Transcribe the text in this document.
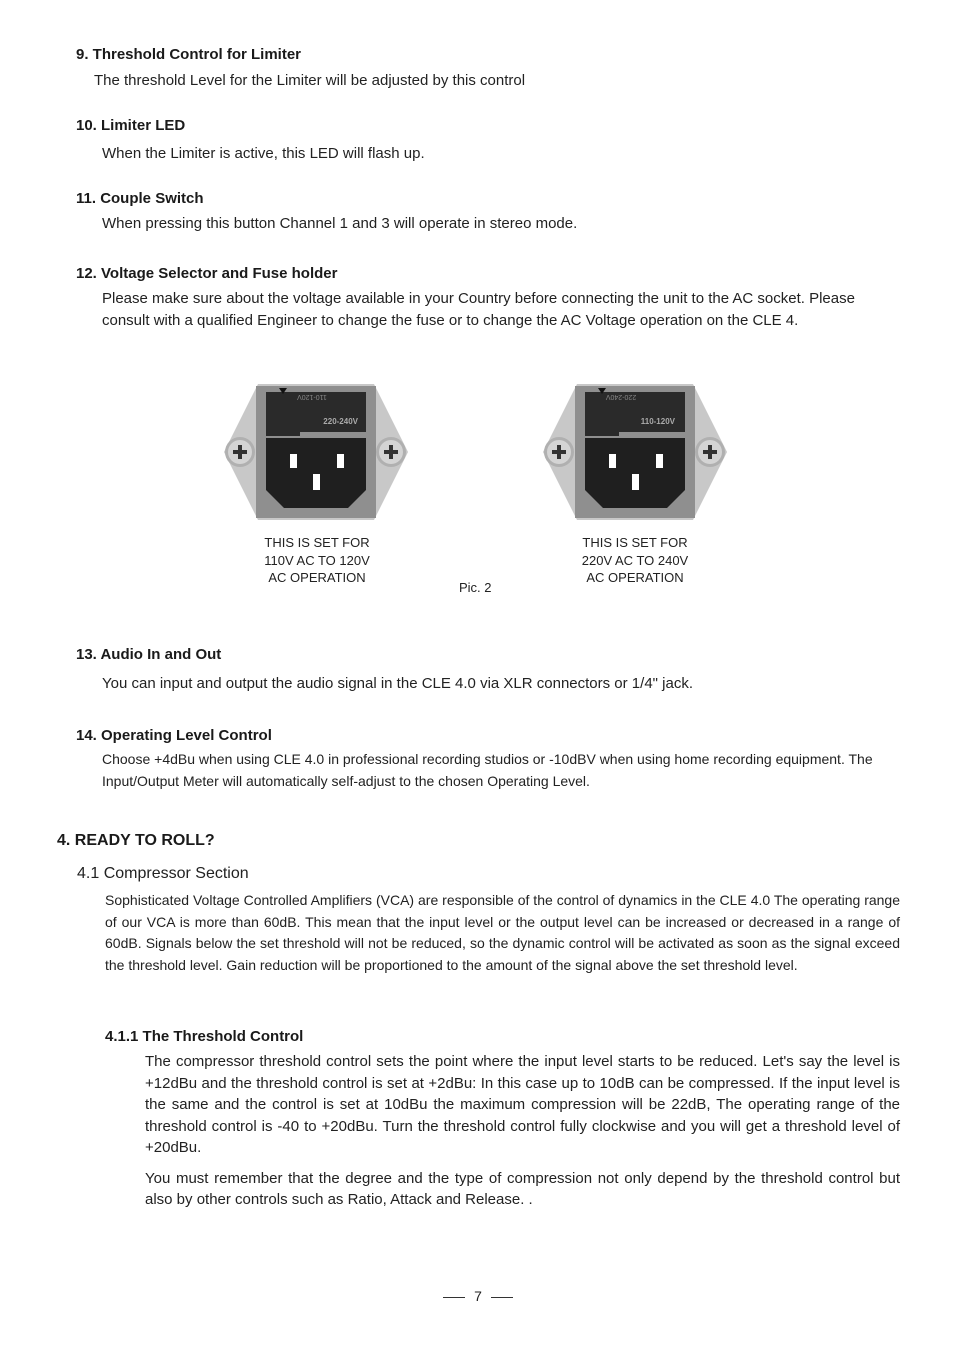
9. Threshold Control for Limiter
The threshold Level for the Limiter will be adjusted by this control
10. Limiter LED
When the Limiter is active, this LED will flash up.
11. Couple Switch
When pressing this button Channel 1 and 3 will operate in stereo mode.
12. Voltage Selector and Fuse holder
Please make sure about the voltage available in your Country before connecting the unit to the AC socket. Please consult with a qualified Engineer to change the fuse or to change the AC Voltage operation on the CLE 4.
110-120V
220-240V
220-240V
110-120V
THIS IS SET FOR
110V AC TO 120V
AC OPERATION
THIS IS SET FOR
220V AC TO 240V
AC OPERATION
Pic. 2
13. Audio In and Out
You can input and output the audio signal in the CLE 4.0 via XLR connectors or 1/4" jack.
14. Operating Level Control
Choose +4dBu when using CLE 4.0 in professional recording studios or -10dBV when using home recording equipment. The Input/Output Meter will automatically self-adjust to the chosen Operating Level.
4. READY TO ROLL?
4.1 Compressor Section
Sophisticated Voltage Controlled Amplifiers (VCA) are responsible of the control of dynamics in the CLE 4.0 The operating range of our VCA is more than 60dB. This mean that the input level or the output level can be increased or decreased in a range of 60dB. Signals below the set threshold will not be reduced, so the dynamic control will be activated as soon as the signal exceed the threshold level. Gain reduction will be proportioned to the amount of the signal above the set threshold level.
4.1.1 The Threshold Control

The compressor threshold control sets the point where the input level starts to be reduced. Let's say the level is +12dBu and the threshold control is set at +2dBu: In this case up to 10dB can be compressed. If the input level is the same and the control is set at 10dBu the maximum compression will be 22dB, The operating range of the threshold control is -40 to +20dBu. Turn the threshold control fully clockwise and you will get a threshold level of +20dBu.

You must remember that the degree and the type of compression not only depend by the threshold control but also by other controls such as Ratio, Attack and Release. .

7
